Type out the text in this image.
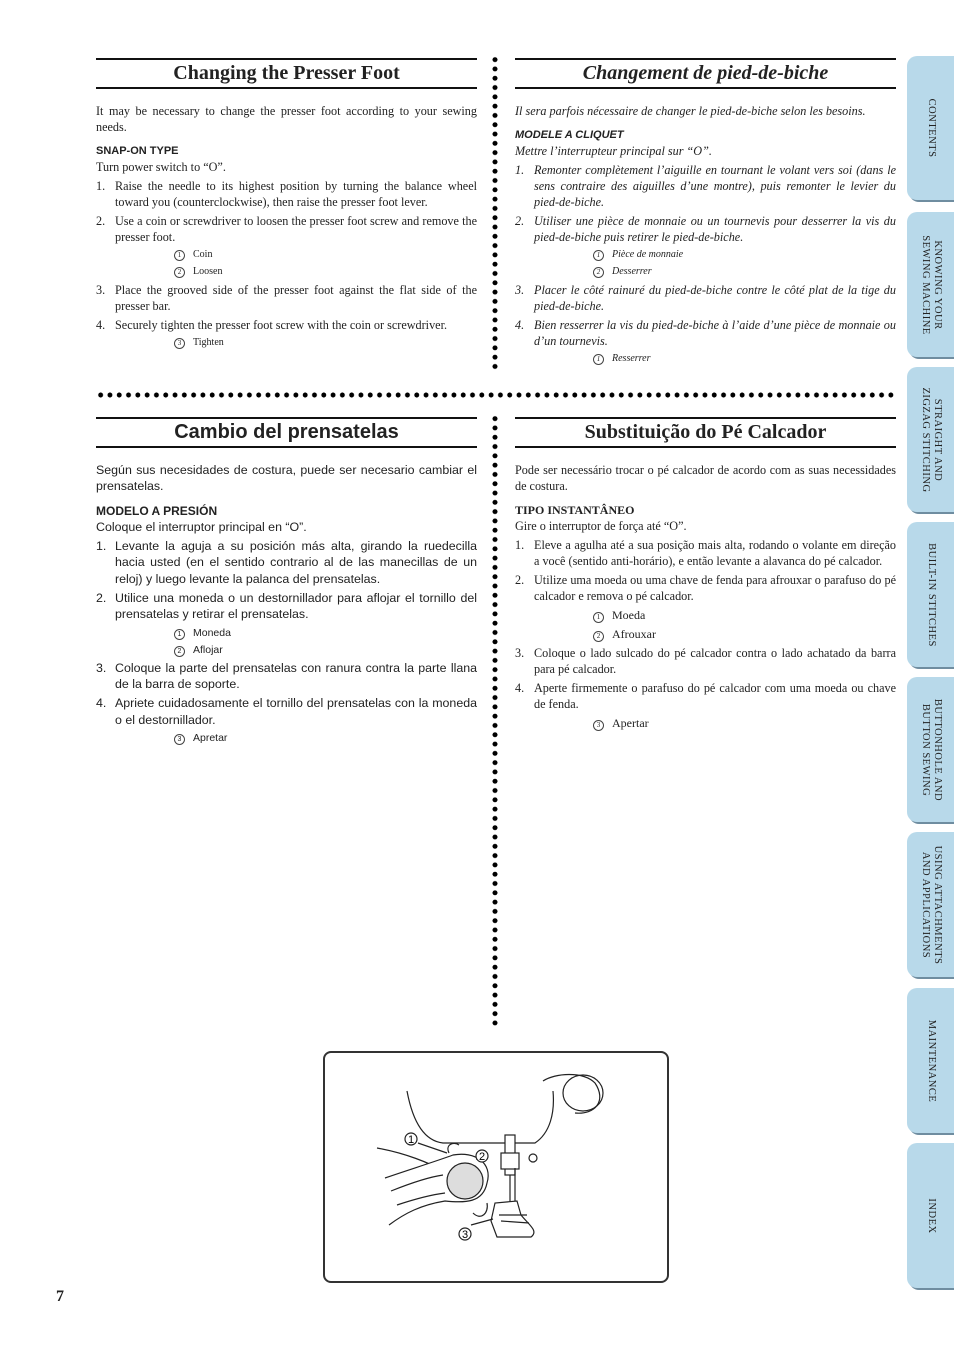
Changing the Presser Foot

It may be necessary to change the presser foot according to your sewing needs.

SNAP-ON TYPE

Turn power switch to “O”.

1. Raise the needle to its highest position by turning the balance wheel toward you (counterclockwise), then raise the presser foot lever.
2. Use a coin or screwdriver to loosen the presser foot screw and remove the presser foot.
1 Coin
2 Loosen
3. Place the grooved side of the presser foot against the flat side of the presser bar.
4. Securely tighten the presser foot screw with the coin or screwdriver.
3 Tighten
Changement de pied-de-biche

Il sera parfois nécessaire de changer le pied-de-biche selon les besoins.

MODELE A CLIQUET

Mettre l’interrupteur principal sur “O”.

1. Remonter complètement l’aiguille en tournant le volant vers soi (dans le sens contraire des aiguilles d’une montre), puis remonter le levier du pied-de-biche.
2. Utiliser une pièce de monnaie ou un tournevis pour desserrer la vis du pied-de-biche puis retirer le pied-de-biche.
1 Pièce de monnaie
2 Desserrer
3. Placer le côté rainuré du pied-de-biche contre le côté plat de la tige du pied-de-biche.
4. Bien resserrer la vis du pied-de-biche à l’aide d’une pièce de monnaie ou d’un tournevis.
1 Resserrer
Cambio del prensatelas

Según sus necesidades de costura, puede ser necesario cambiar el prensatelas.

MODELO A PRESIÓN

Coloque el interruptor principal en “O”.

1. Levante la aguja a su posición más alta, girando la ruedecilla hacia usted (en el sentido contrario al de las manecillas de un reloj) y luego levante la palanca del prensatelas.
2. Utilice una moneda o un destornillador para aflojar el tornillo del prensatelas y retirar el prensatelas.
1 Moneda
2 Aflojar
3. Coloque la parte del prensatelas con ranura contra la parte llana de la barra de soporte.
4. Apriete cuidadosamente el tornillo del prensatelas con la moneda o el destornillador.
3 Apretar
Substituição do Pé Calcador

Pode ser necessário trocar o pé calcador de acordo com as suas necessidades de costura.

TIPO INSTANTÂNEO

Gire o interruptor de força até “O”.

1. Eleve a agulha até a sua posição mais alta, rodando o volante em direção a você (sentido anti-horário), e então levante a alavanca do pé calcador.
2. Utilize uma moeda ou uma chave de fenda para afrouxar o parafuso do pé calcador e remova o pé calcador.
1 Moeda
2 Afrouxar
3. Coloque o lado sulcado do pé calcador contra o lado achatado da barra para pé calcador.
4. Aperte firmemente o parafuso do pé calcador com uma moeda ou chave de fenda.
3 Apertar
1
2
3
7
CONTENTS
KNOWING YOUR
SEWING MACHINE
STRAIGHT AND
ZIGZAG STITCHING
BUILT-IN STITCHES
BUTTONHOLE AND
BUTTON SEWING
USING ATTACHMENTS
AND APPLICATIONS
MAINTENANCE
INDEX
